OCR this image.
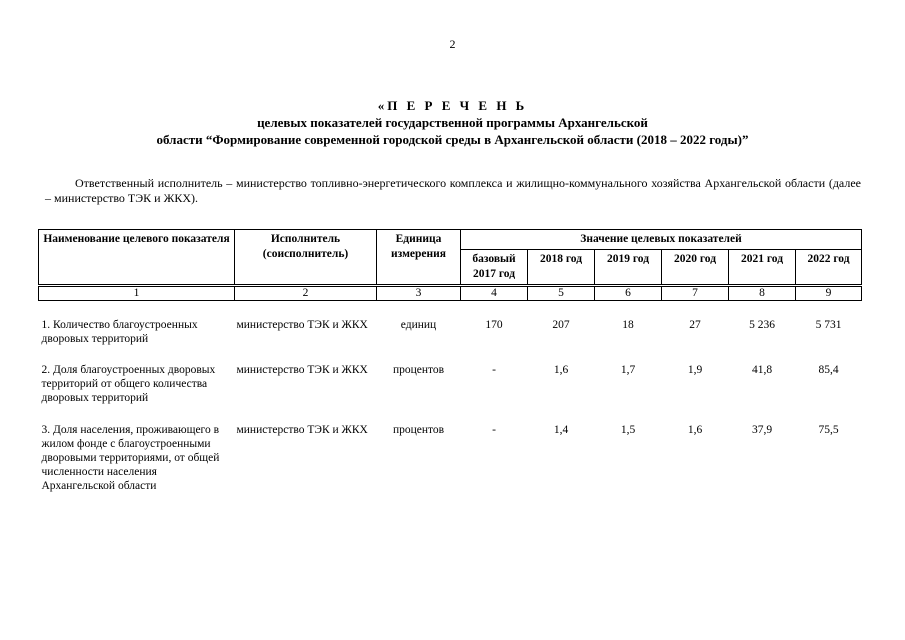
2
«П Е Р Е Ч Е Н Ь
целевых показателей государственной программы Архангельской
области “Формирование современной городской среды в Архангельской области (2018 – 2022 годы)”
Ответственный исполнитель – министерство топливно-энергетического комплекса и жилищно-коммунального хозяйства Архангельской области (далее – министерство ТЭК и ЖКХ).
Наименование целевого показателя	Исполнитель (соисполнитель)	Единица измерения	Значение целевых показателей					
			базовый 2017 год	2018 год	2019 год	2020 год	2021 год	2022 год
1	2	3	4	5	6	7	8	9

1. Количество благоустроенных дворовых территорий	министерство ТЭК и ЖКХ	единиц	170	207	18	27	5 236	5 731
2. Доля благоустроенных дворовых территорий от общего количества дворовых территорий	министерство ТЭК и ЖКХ	процентов	-	1,6	1,7	1,9	41,8	85,4
3. Доля населения, проживающего в жилом фонде с благоустроенными дворовыми территориями, от общей численности населения Архангельской области	министерство ТЭК и ЖКХ	процентов	-	1,4	1,5	1,6	37,9	75,5
